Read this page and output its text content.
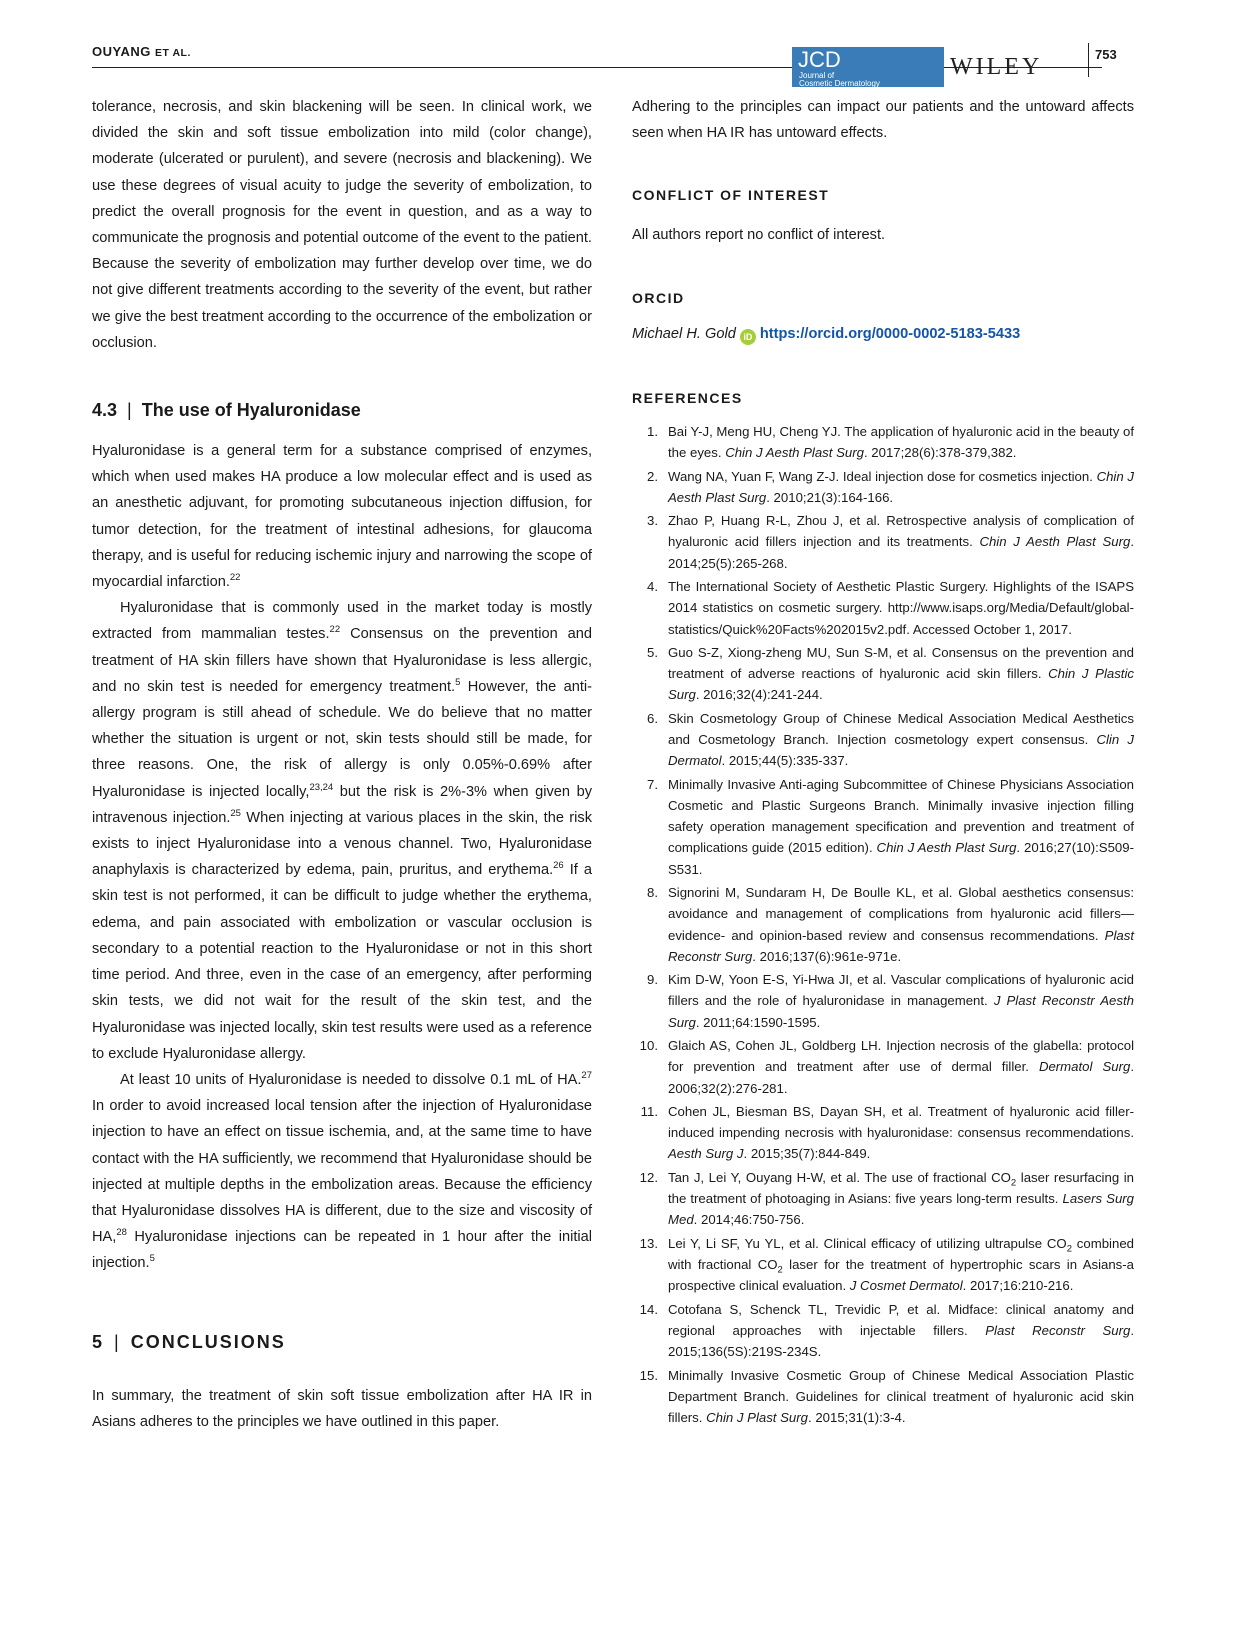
OUYANG ET AL.	JCD
Journal of
Cosmetic Dermatology
WILEY	753

tolerance, necrosis, and skin blackening will be seen. In clinical work, we divided the skin and soft tissue embolization into mild (color change), moderate (ulcerated or purulent), and severe (necrosis and blackening). We use these degrees of visual acuity to judge the severity of embolization, to predict the overall prognosis for the event in question, and as a way to communicate the prognosis and potential outcome of the event to the patient. Because the severity of embolization may further develop over time, we do not give different treatments according to the severity of the event, but rather we give the best treatment according to the occurrence of the embolization or occlusion.

4.3 | The use of Hyaluronidase

Hyaluronidase is a general term for a substance comprised of enzymes, which when used makes HA produce a low molecular effect and is used as an anesthetic adjuvant, for promoting subcutaneous injection diffusion, for tumor detection, for the treatment of intestinal adhesions, for glaucoma therapy, and is useful for reducing ischemic injury and narrowing the scope of myocardial infarction.$^{22}$

Hyaluronidase that is commonly used in the market today is mostly extracted from mammalian testes.$^{22}$ Consensus on the prevention and treatment of HA skin fillers have shown that Hyaluronidase is less allergic, and no skin test is needed for emergency treatment.$^5$ However, the anti-allergy program is still ahead of schedule. We do believe that no matter whether the situation is urgent or not, skin tests should still be made, for three reasons. One, the risk of allergy is only 0.05%-0.69% after Hyaluronidase is injected locally,$^{23,24}$ but the risk is 2%-3% when given by intravenous injection.$^{25}$ When injecting at various places in the skin, the risk exists to inject Hyaluronidase into a venous channel. Two, Hyaluronidase anaphylaxis is characterized by edema, pain, pruritus, and erythema.$^{26}$ If a skin test is not performed, it can be difficult to judge whether the erythema, edema, and pain associated with embolization or vascular occlusion is secondary to a potential reaction to the Hyaluronidase or not in this short time period. And three, even in the case of an emergency, after performing skin tests, we did not wait for the result of the skin test, and the Hyaluronidase was injected locally, skin test results were used as a reference to exclude Hyaluronidase allergy.

At least 10 units of Hyaluronidase is needed to dissolve 0.1 mL of HA.$^{27}$ In order to avoid increased local tension after the injection of Hyaluronidase injection to have an effect on tissue ischemia, and, at the same time to have contact with the HA sufficiently, we recommend that Hyaluronidase should be injected at multiple depths in the embolization areas. Because the efficiency that Hyaluronidase dissolves HA is different, due to the size and viscosity of HA,$^{28}$ Hyaluronidase injections can be repeated in 1 hour after the initial injection.$^5$

5 | CONCLUSIONS

In summary, the treatment of skin soft tissue embolization after HA IR in Asians adheres to the principles we have outlined in this paper.

Adhering to the principles can impact our patients and the untoward affects seen when HA IR has untoward effects.

CONFLICT OF INTEREST

All authors report no conflict of interest.

ORCID

Michael H. Gold iD https://orcid.org/0000-0002-5183-5433

REFERENCES

1. Bai Y-J, Meng HU, Cheng YJ. The application of hyaluronic acid in the beauty of the eyes. Chin J Aesth Plast Surg. 2017;28(6):378-379,382.
2. Wang NA, Yuan F, Wang Z-J. Ideal injection dose for cosmetics injection. Chin J Aesth Plast Surg. 2010;21(3):164-166.
3. Zhao P, Huang R-L, Zhou J, et al. Retrospective analysis of complication of hyaluronic acid fillers injection and its treatments. Chin J Aesth Plast Surg. 2014;25(5):265-268.
4. The International Society of Aesthetic Plastic Surgery. Highlights of the ISAPS 2014 statistics on cosmetic surgery. http://www.isaps.org/Media/Default/global-statistics/Quick%20Facts%202015v2.pdf. Accessed October 1, 2017.
5. Guo S-Z, Xiong-zheng MU, Sun S-M, et al. Consensus on the prevention and treatment of adverse reactions of hyaluronic acid skin fillers. Chin J Plastic Surg. 2016;32(4):241-244.
6. Skin Cosmetology Group of Chinese Medical Association Medical Aesthetics and Cosmetology Branch. Injection cosmetology expert consensus. Clin J Dermatol. 2015;44(5):335-337.
7. Minimally Invasive Anti-aging Subcommittee of Chinese Physicians Association Cosmetic and Plastic Surgeons Branch. Minimally invasive injection filling safety operation management specification and prevention and treatment of complications guide (2015 edition). Chin J Aesth Plast Surg. 2016;27(10):S509-S531.
8. Signorini M, Sundaram H, De Boulle KL, et al. Global aesthetics consensus: avoidance and management of complications from hyaluronic acid fillers—evidence- and opinion-based review and consensus recommendations. Plast Reconstr Surg. 2016;137(6):961e-971e.
9. Kim D-W, Yoon E-S, Yi-Hwa JI, et al. Vascular complications of hyaluronic acid fillers and the role of hyaluronidase in management. J Plast Reconstr Aesth Surg. 2011;64:1590-1595.
10. Glaich AS, Cohen JL, Goldberg LH. Injection necrosis of the glabella: protocol for prevention and treatment after use of dermal filler. Dermatol Surg. 2006;32(2):276-281.
11. Cohen JL, Biesman BS, Dayan SH, et al. Treatment of hyaluronic acid filler-induced impending necrosis with hyaluronidase: consensus recommendations. Aesth Surg J. 2015;35(7):844-849.
12. Tan J, Lei Y, Ouyang H-W, et al. The use of fractional $CO_2$ laser resurfacing in the treatment of photoaging in Asians: five years long-term results. Lasers Surg Med. 2014;46:750-756.
13. Lei Y, Li SF, Yu YL, et al. Clinical efficacy of utilizing ultrapulse $CO_2$ combined with fractional $CO_2$ laser for the treatment of hypertrophic scars in Asians-a prospective clinical evaluation. J Cosmet Dermatol. 2017;16:210-216.
14. Cotofana S, Schenck TL, Trevidic P, et al. Midface: clinical anatomy and regional approaches with injectable fillers. Plast Reconstr Surg. 2015;136(5S):219S-234S.
15. Minimally Invasive Cosmetic Group of Chinese Medical Association Plastic Department Branch. Guidelines for clinical treatment of hyaluronic acid skin fillers. Chin J Plast Surg. 2015;31(1):3-4.
